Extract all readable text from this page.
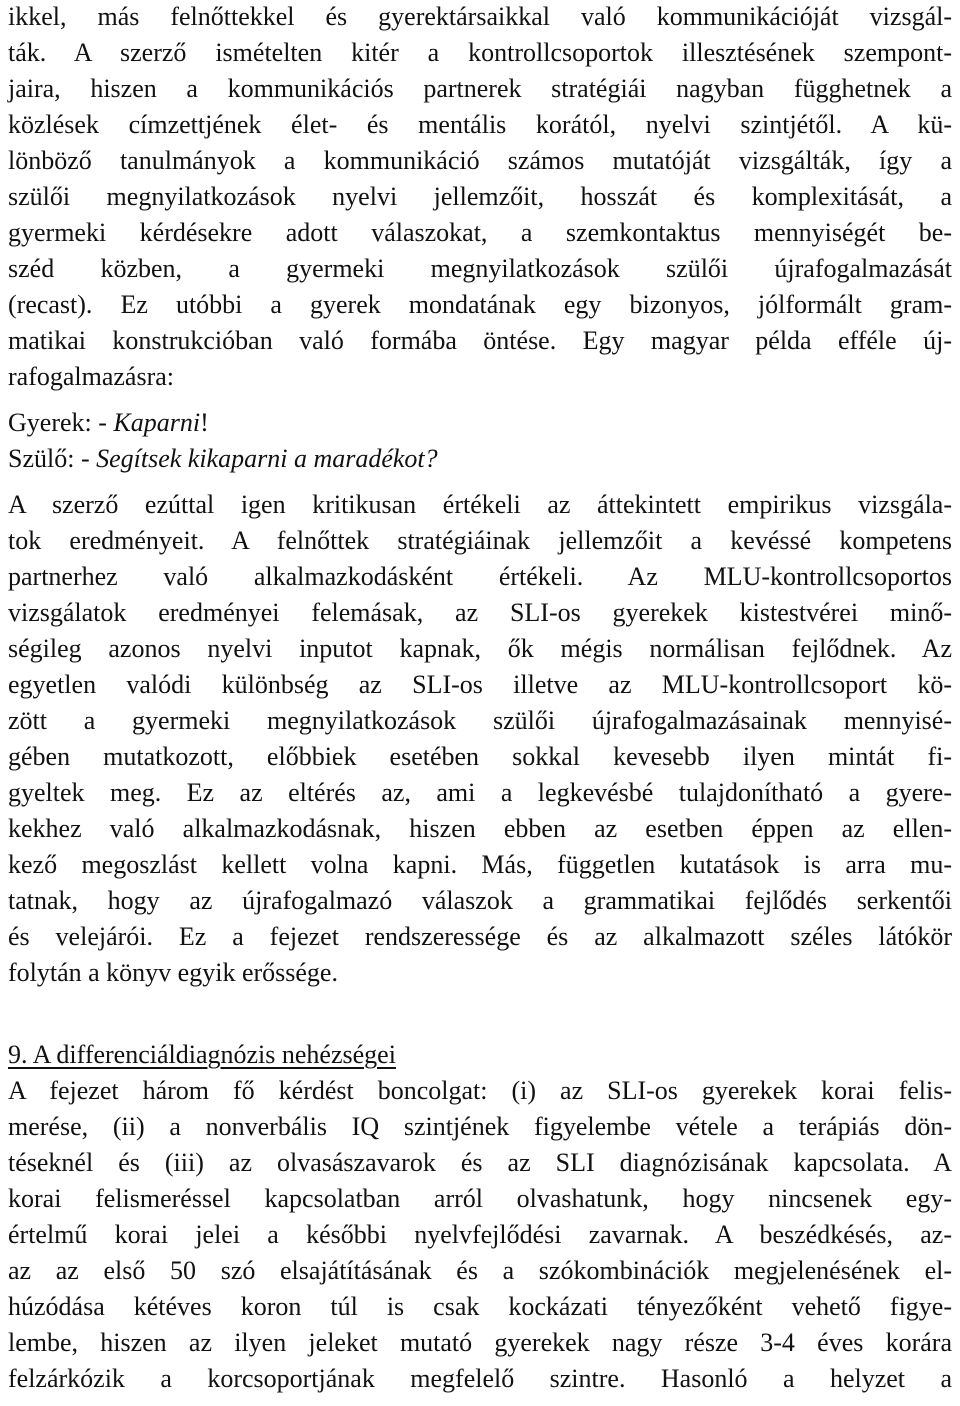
ikkel, más felnőttekkel és gyerektársaikkal való kommunikációját vizsgál-
ták. A szerző ismételten kitér a kontrollcsoportok illesztésének szempont-
jaira, hiszen a kommunikációs partnerek stratégiái nagyban függhetnek a
közlések címzettjének élet- és mentális korától, nyelvi szintjétől. A kü-
lönböző tanulmányok a kommunikáció számos mutatóját vizsgálták, így a
szülői megnyilatkozások nyelvi jellemzőit, hosszát és komplexitását, a
gyermeki kérdésekre adott válaszokat, a szemkontaktus mennyiségét be-
széd közben, a gyermeki megnyilatkozások szülői újrafogalmazását
(recast). Ez utóbbi a gyerek mondatának egy bizonyos, jólformált gram-
matikai konstrukcióban való formába öntése. Egy magyar példa efféle új-
rafogalmazásra:
Gyerek: - Kaparni!
Szülő: - Segítsek kikaparni a maradékot?
A szerző ezúttal igen kritikusan értékeli az áttekintett empirikus vizsgála-
tok eredményeit. A felnőttek stratégiáinak jellemzőit a kevéssé kompetens
partnerhez való alkalmazkodásként értékeli. Az MLU-kontrollcsoportos
vizsgálatok eredményei felemásak, az SLI-os gyerekek kistestvérei minő-
ségileg azonos nyelvi inputot kapnak, ők mégis normálisan fejlődnek. Az
egyetlen valódi különbség az SLI-os illetve az MLU-kontrollcsoport kö-
zött a gyermeki megnyilatkozások szülői újrafogalmazásainak mennyisé-
gében mutatkozott, előbbiek esetében sokkal kevesebb ilyen mintát fi-
gyeltek meg. Ez az eltérés az, ami a legkevésbé tulajdonítható a gyere-
kekhez való alkalmazkodásnak, hiszen ebben az esetben éppen az ellen-
kező megoszlást kellett volna kapni. Más, független kutatások is arra mu-
tatnak, hogy az újrafogalmazó válaszok a grammatikai fejlődés serkentői
és velejárói. Ez a fejezet rendszeressége és az alkalmazott széles látókör
folytán a könyv egyik erőssége.
9. A differenciáldiagnózis nehézségei
A fejezet három fő kérdést boncolgat: (i) az SLI-os gyerekek korai felis-
merése, (ii) a nonverbális IQ szintjének figyelembe vétele a terápiás dön-
téseknél és (iii) az olvasászavarok és az SLI diagnózisának kapcsolata. A
korai felismeréssel kapcsolatban arról olvashatunk, hogy nincsenek egy-
értelmű korai jelei a későbbi nyelvfejlődési zavarnak. A beszédkésés, az-
az az első 50 szó elsajátításának és a szókombinációk megjelenésének el-
húzódása kétéves koron túl is csak kockázati tényezőként vehető figye-
lembe, hiszen az ilyen jeleket mutató gyerekek nagy része 3-4 éves korára
felzárkózik a korcsoportjának megfelelő szintre. Hasonló a helyzet a
